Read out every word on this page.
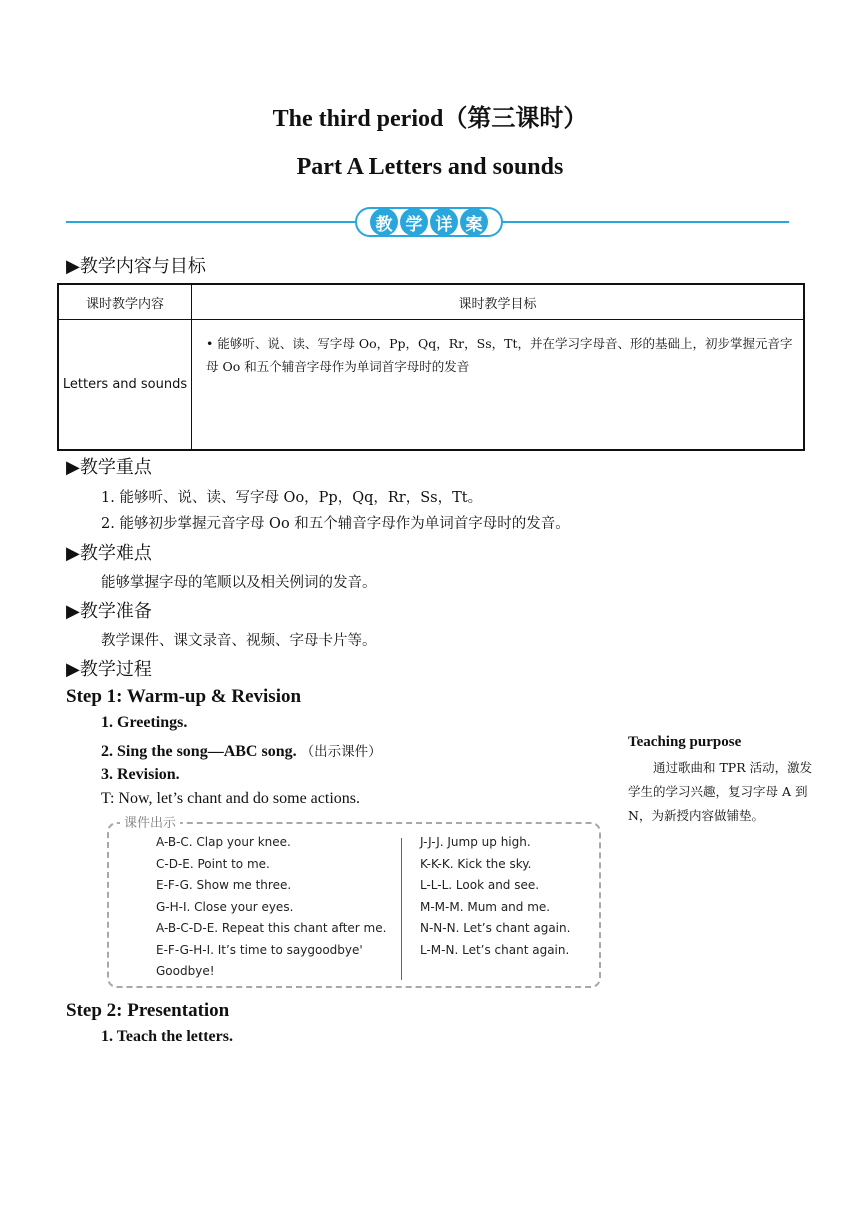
The third period（第三课时）
Part A Letters and sounds
教 学 详 案
▶教学内容与目标
课时教学内容	课时教学目标
Letters and sounds	• 能够听、说、读、写字母 Oo，Pp，Qq，Rr，Ss，Tt，并在学习字母音、形的基础上，初步掌握元音字母 Oo 和五个辅音字母作为单词首字母时的发音
▶教学重点
1. 能够听、说、读、写字母 Oo，Pp，Qq，Rr，Ss，Tt。
2. 能够初步掌握元音字母 Oo 和五个辅音字母作为单词首字母时的发音。
▶教学难点
能够掌握字母的笔顺以及相关例词的发音。
▶教学准备
教学课件、课文录音、视频、字母卡片等。
▶教学过程
Step 1: Warm-up & Revision
1. Greetings.
2. Sing the song—ABC song. （出示课件）
3. Revision.
T: Now, let’s chant and do some actions.
课件出示
A-B-C. Clap your knee.
C-D-E. Point to me.
E-F-G. Show me three.
G-H-I. Close your eyes.
A-B-C-D-E. Repeat this chant after me.
E-F-G-H-I. It’s time to saygoodbye'
Goodbye!
J-J-J. Jump up high.
K-K-K. Kick the sky.
L-L-L. Look and see.
M-M-M. Mum and me.
N-N-N. Let’s chant again.
L-M-N. Let’s chant again.
Teaching purpose
通过歌曲和 TPR 活动，激发学生的学习兴趣，复习字母 A 到 N，为新授内容做铺垫。
Step 2: Presentation
1. Teach the letters.
